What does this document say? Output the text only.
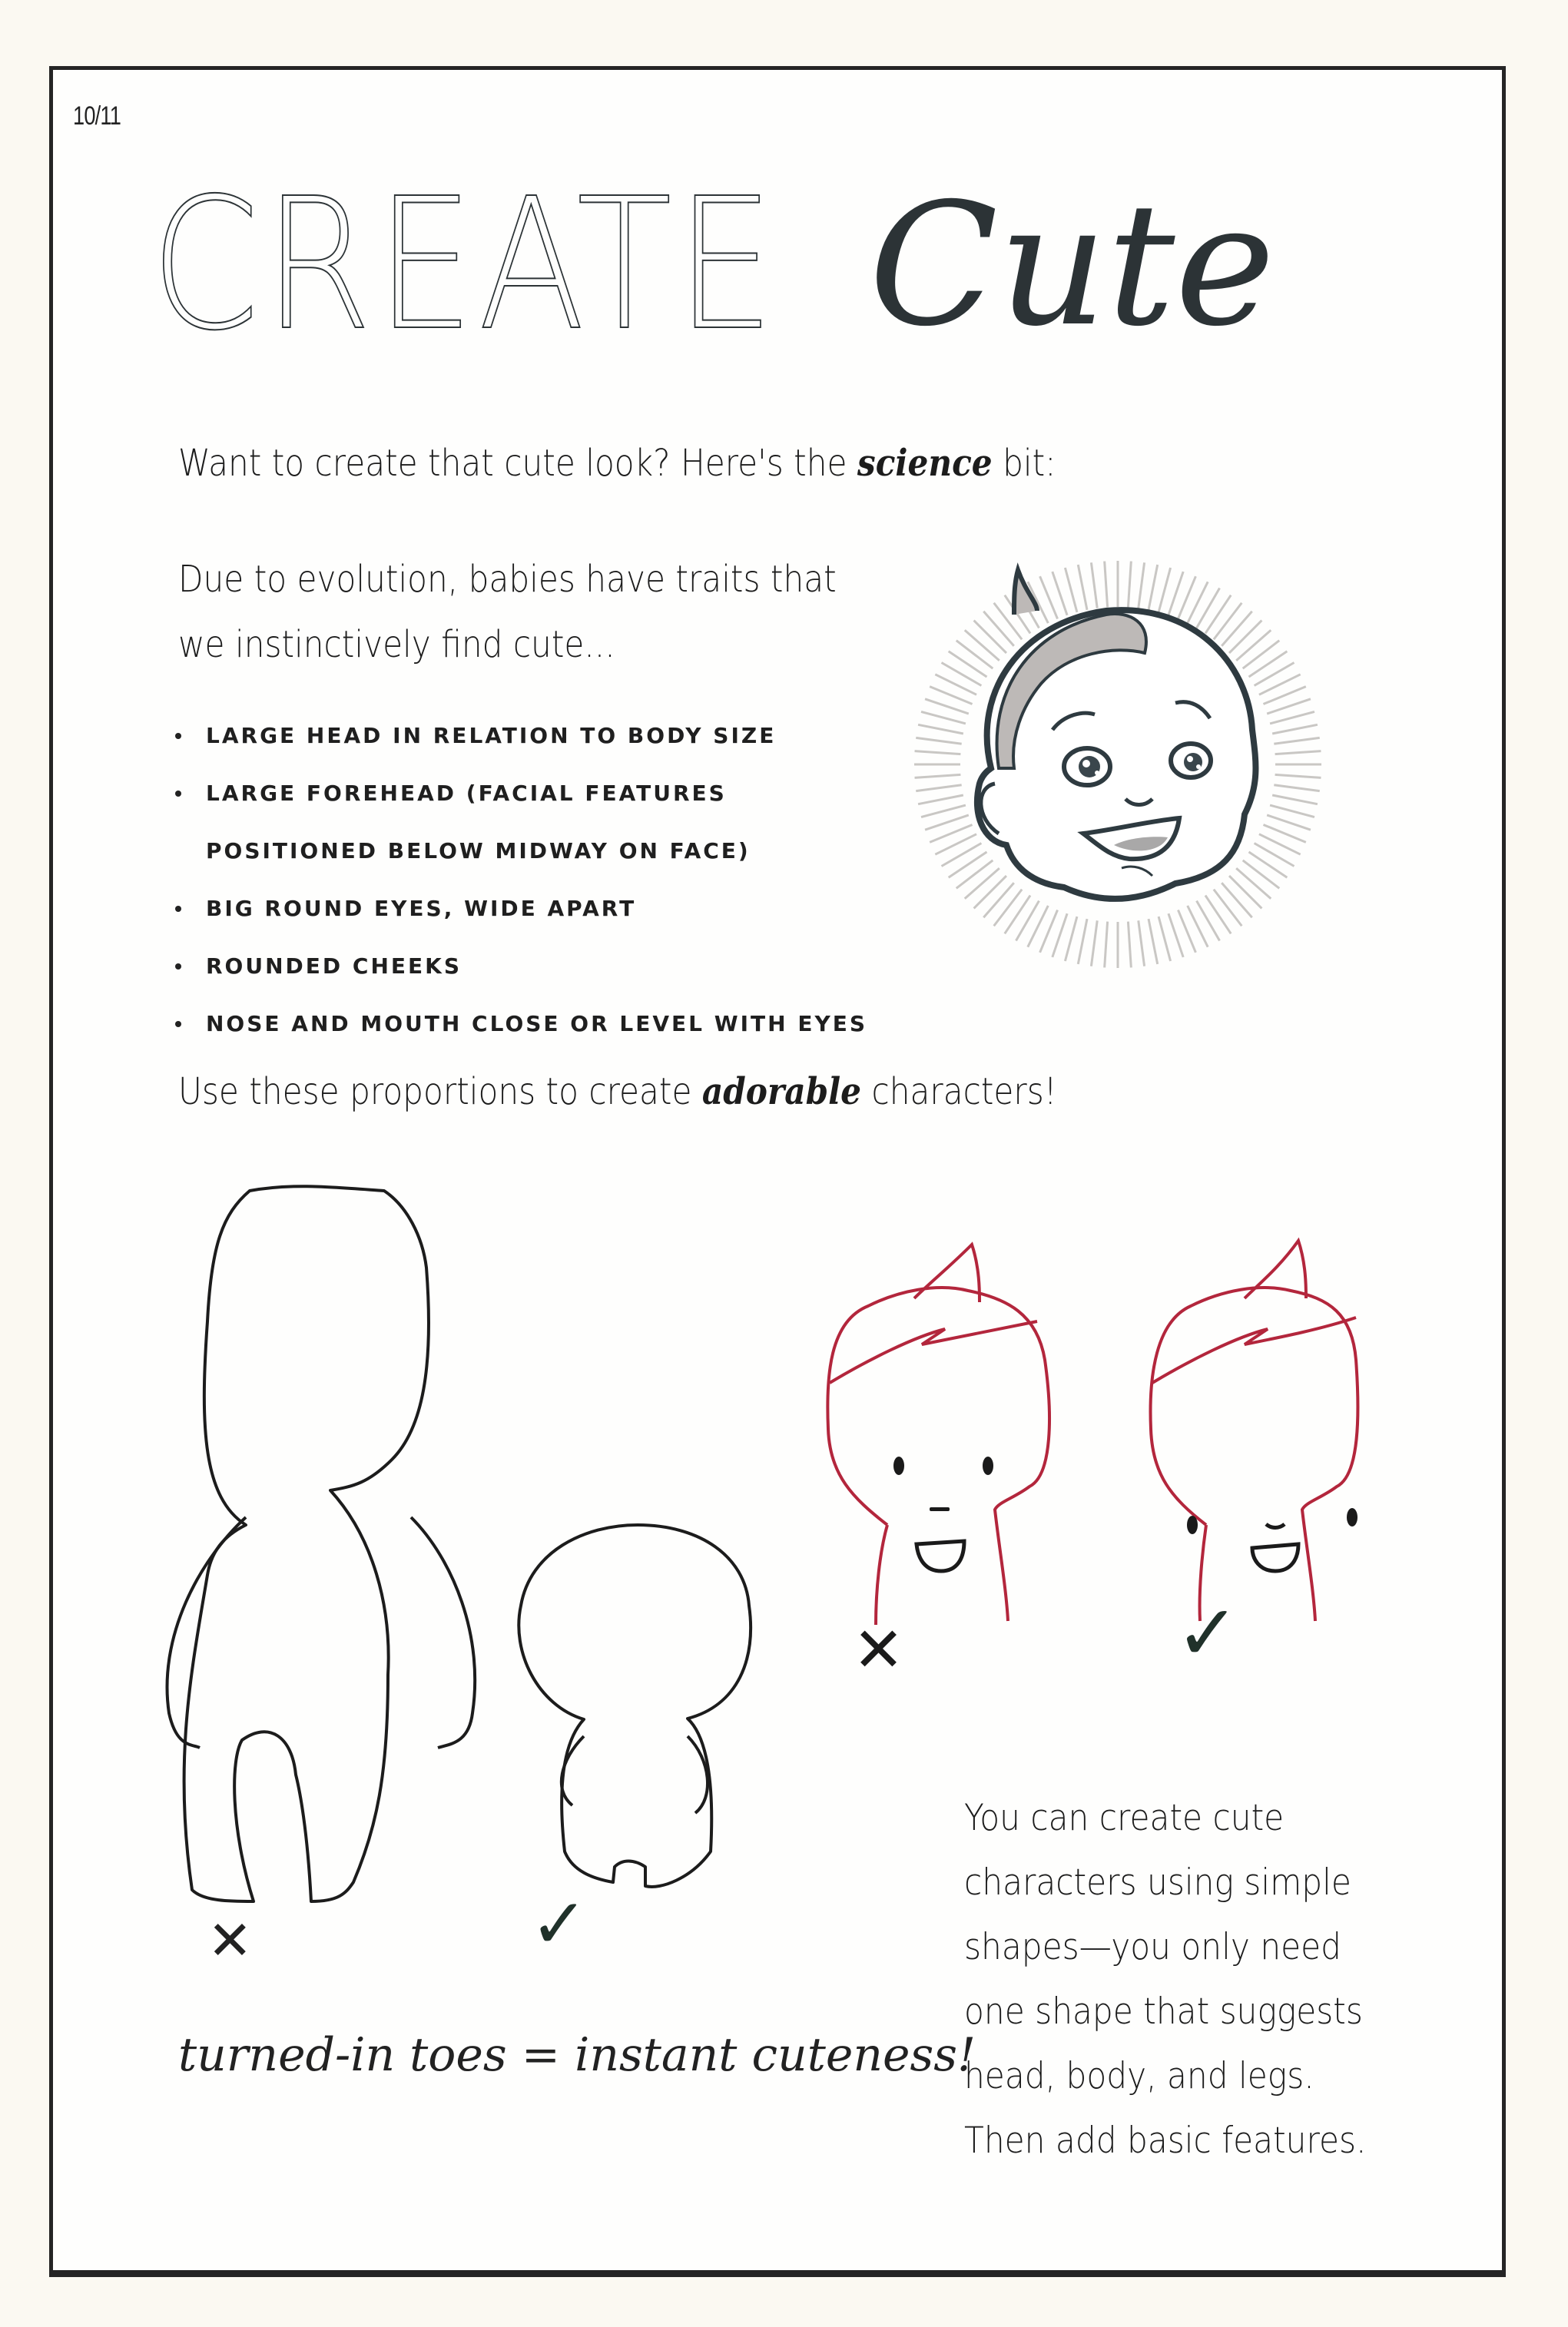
10/11
CREATE Cute
Want to create that cute look? Here's the science bit:
Due to evolution, babies have traits that
we instinctively find cute...
LARGE HEAD IN RELATION TO BODY SIZE
LARGE FOREHEAD (FACIAL FEATURES
POSITIONED BELOW MIDWAY ON FACE)
BIG ROUND EYES, WIDE APART
ROUNDED CHEEKS
NOSE AND MOUTH CLOSE OR LEVEL WITH EYES
Use these proportions to create adorable characters!
✕	✓
✕	✓
turned-in toes = instant cuteness!
You can create cute
characters using simple
shapes—you only need
one shape that suggests
head, body, and legs.
Then add basic features.
